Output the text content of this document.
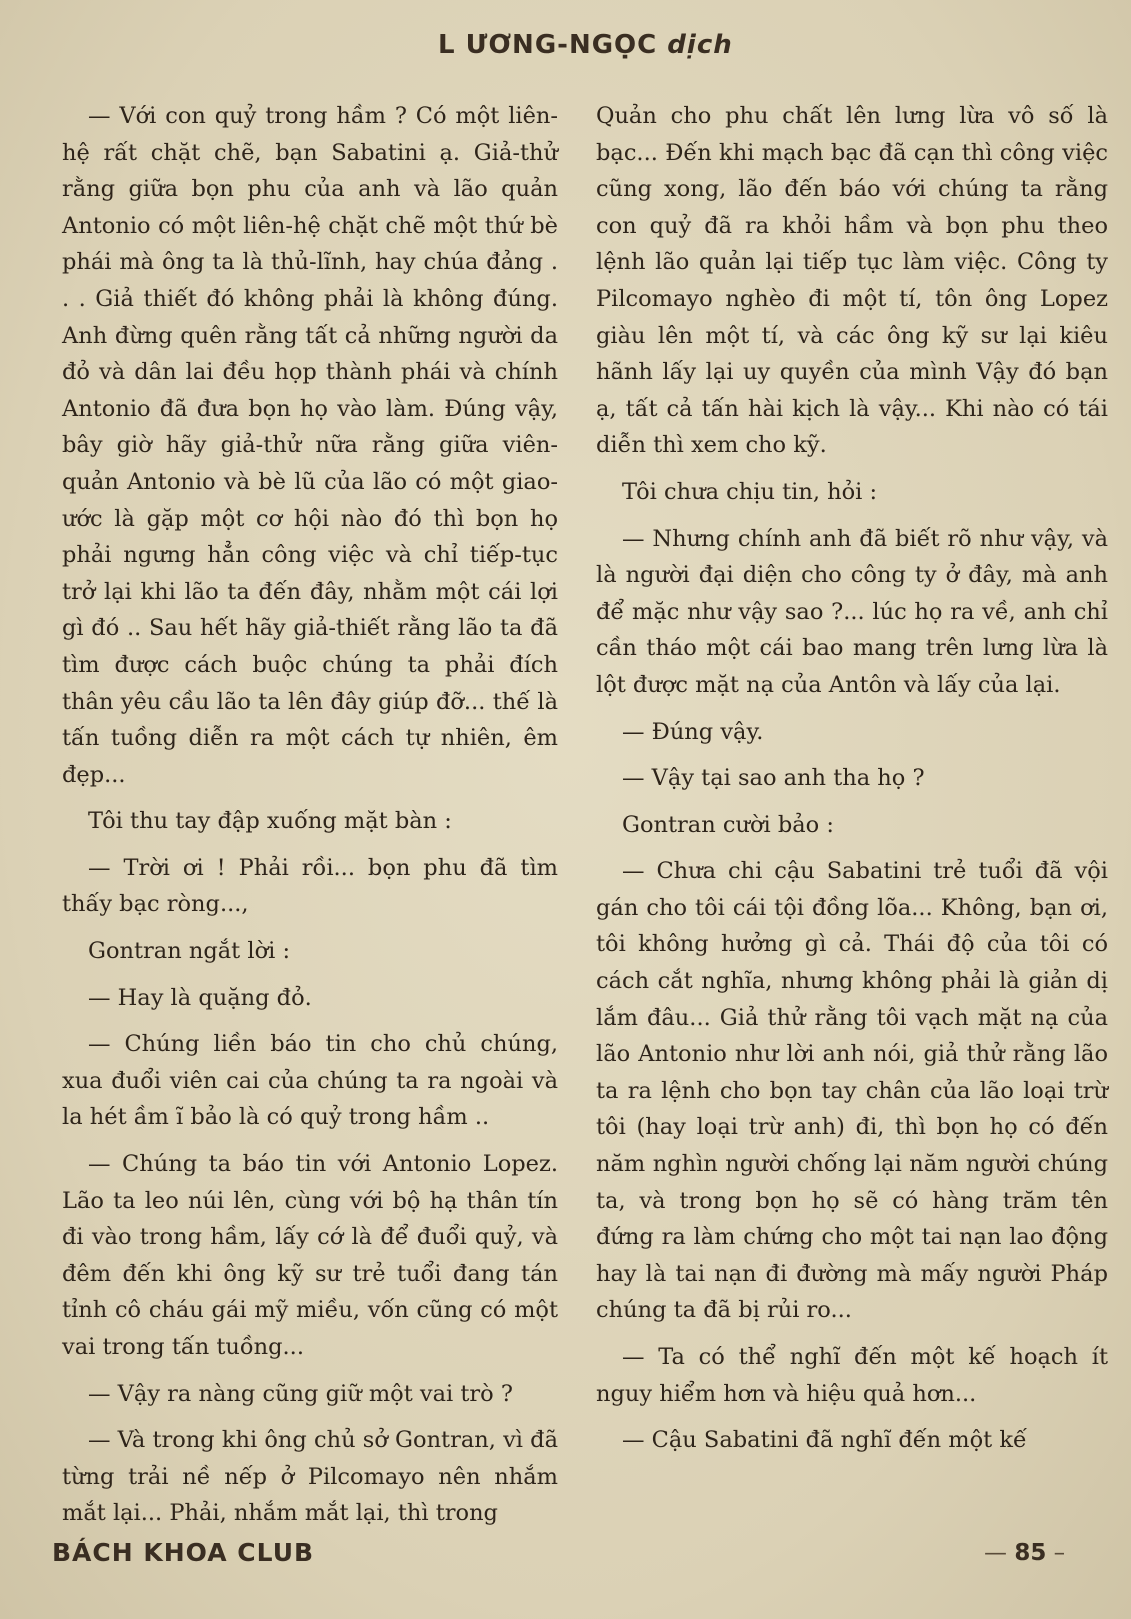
L ƯƠNG-NGỌC dịch

— Với con quỷ trong hầm ? Có một liên-hệ rất chặt chẽ, bạn Sabatini ạ. Giả-thử rằng giữa bọn phu của anh và lão quản Antonio có một liên-hệ chặt chẽ một thứ bè phái mà ông ta là thủ-lĩnh, hay chúa đảng . . . Giả thiết đó không phải là không đúng. Anh đừng quên rằng tất cả những người da đỏ và dân lai đều họp thành phái và chính Antonio đã đưa bọn họ vào làm. Đúng vậy, bây giờ hãy giả-thử nữa rằng giữa viên-quản Antonio và bè lũ của lão có một giao-ước là gặp một cơ hội nào đó thì bọn họ phải ngưng hẳn công việc và chỉ tiếp-tục trở lại khi lão ta đến đây, nhằm một cái lợi gì đó .. Sau hết hãy giả-thiết rằng lão ta đã tìm được cách buộc chúng ta phải đích thân yêu cầu lão ta lên đây giúp đỡ... thế là tấn tuồng diễn ra một cách tự nhiên, êm đẹp...

Tôi thu tay đập xuống mặt bàn :

— Trời ơi ! Phải rồi... bọn phu đã tìm thấy bạc ròng...,

Gontran ngắt lời :

— Hay là quặng đỏ.

— Chúng liền báo tin cho chủ chúng, xua đuổi viên cai của chúng ta ra ngoài và la hét ầm ĩ bảo là có quỷ trong hầm ..

— Chúng ta báo tin với Antonio Lopez. Lão ta leo núi lên, cùng với bộ hạ thân tín đi vào trong hầm, lấy cớ là để đuổi quỷ, và đêm đến khi ông kỹ sư trẻ tuổi đang tán tỉnh cô cháu gái mỹ miều, vốn cũng có một vai trong tấn tuồng...

— Vậy ra nàng cũng giữ một vai trò ?

— Và trong khi ông chủ sở Gontran, vì đã từng trải nề nếp ở Pilcomayo nên nhắm mắt lại... Phải, nhắm mắt lại, thì trong

Quản cho phu chất lên lưng lừa vô số là bạc... Đến khi mạch bạc đã cạn thì công việc cũng xong, lão đến báo với chúng ta rằng con quỷ đã ra khỏi hầm và bọn phu theo lệnh lão quản lại tiếp tục làm việc. Công ty Pilcomayo nghèo đi một tí, tôn ông Lopez giàu lên một tí, và các ông kỹ sư lại kiêu hãnh lấy lại uy quyền của mình Vậy đó bạn ạ, tất cả tấn hài kịch là vậy... Khi nào có tái diễn thì xem cho kỹ.

Tôi chưa chịu tin, hỏi :

— Nhưng chính anh đã biết rõ như vậy, và là người đại diện cho công ty ở đây, mà anh để mặc như vậy sao ?... lúc họ ra về, anh chỉ cần tháo một cái bao mang trên lưng lừa là lột được mặt nạ của Antôn và lấy của lại.

— Đúng vậy.

— Vậy tại sao anh tha họ ?

Gontran cười bảo :

— Chưa chi cậu Sabatini trẻ tuổi đã vội gán cho tôi cái tội đồng lõa... Không, bạn ơi, tôi không hưởng gì cả. Thái độ của tôi có cách cắt nghĩa, nhưng không phải là giản dị lắm đâu... Giả thử rằng tôi vạch mặt nạ của lão Antonio như lời anh nói, giả thử rằng lão ta ra lệnh cho bọn tay chân của lão loại trừ tôi (hay loại trừ anh) đi, thì bọn họ có đến năm nghìn người chống lại năm người chúng ta, và trong bọn họ sẽ có hàng trăm tên đứng ra làm chứng cho một tai nạn lao động hay là tai nạn đi đường mà mấy người Pháp chúng ta đã bị rủi ro...

— Ta có thể nghĩ đến một kế hoạch ít nguy hiểm hơn và hiệu quả hơn...

— Cậu Sabatini đã nghĩ đến một kế

BÁCH KHOA CLUB	— 85 –
